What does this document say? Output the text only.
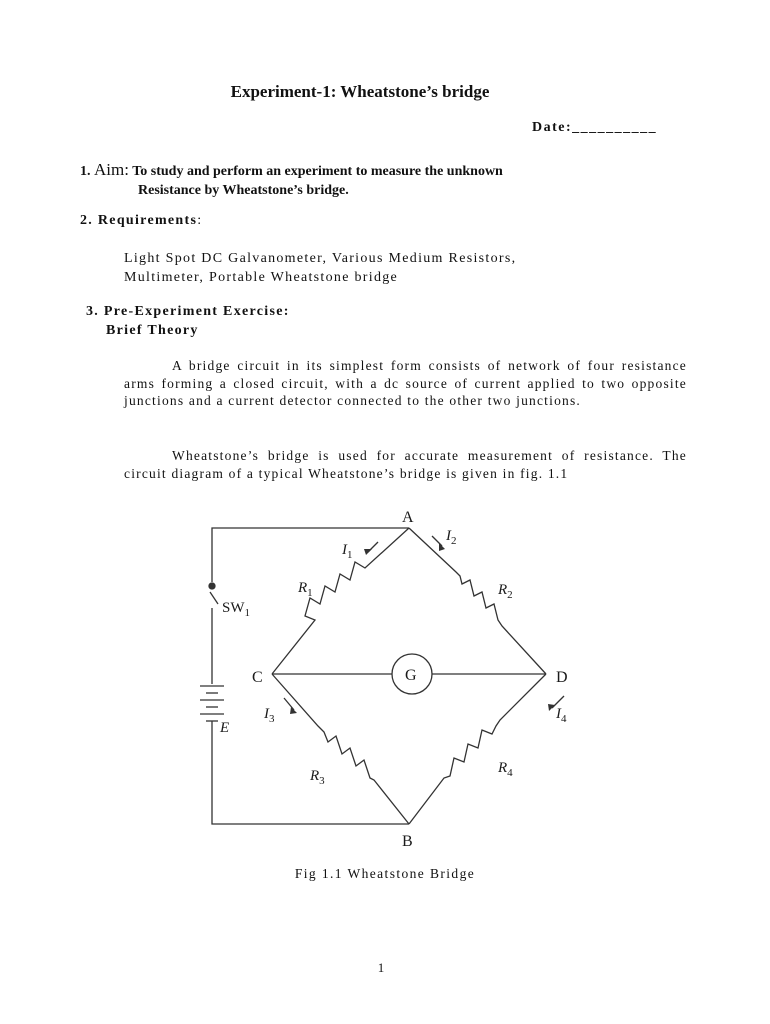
Experiment-1: Wheatstone’s bridge
Date:__________
1. Aim: To study and perform an experiment to measure the unknown
Resistance by Wheatstone’s bridge.
2. Requirements:
Light Spot DC Galvanometer, Various Medium Resistors,
Multimeter, Portable Wheatstone bridge
3. Pre-Experiment Exercise:
Brief Theory
A bridge circuit in its simplest form consists of network of four resistance arms forming a closed circuit, with a dc source of current applied to two opposite junctions and a current detector connected to the other two junctions.
Wheatstone’s bridge is used for accurate measurement of resistance. The circuit diagram of a typical Wheatstone’s bridge is given in fig. 1.1
A
B
C	D
G
$R_1$	$R_2$
$R_3$
$R_4$
$I_1$
$I_2$
$I_3$	$I_4$
$SW_1$
E
Fig 1.1 Wheatstone Bridge
1
